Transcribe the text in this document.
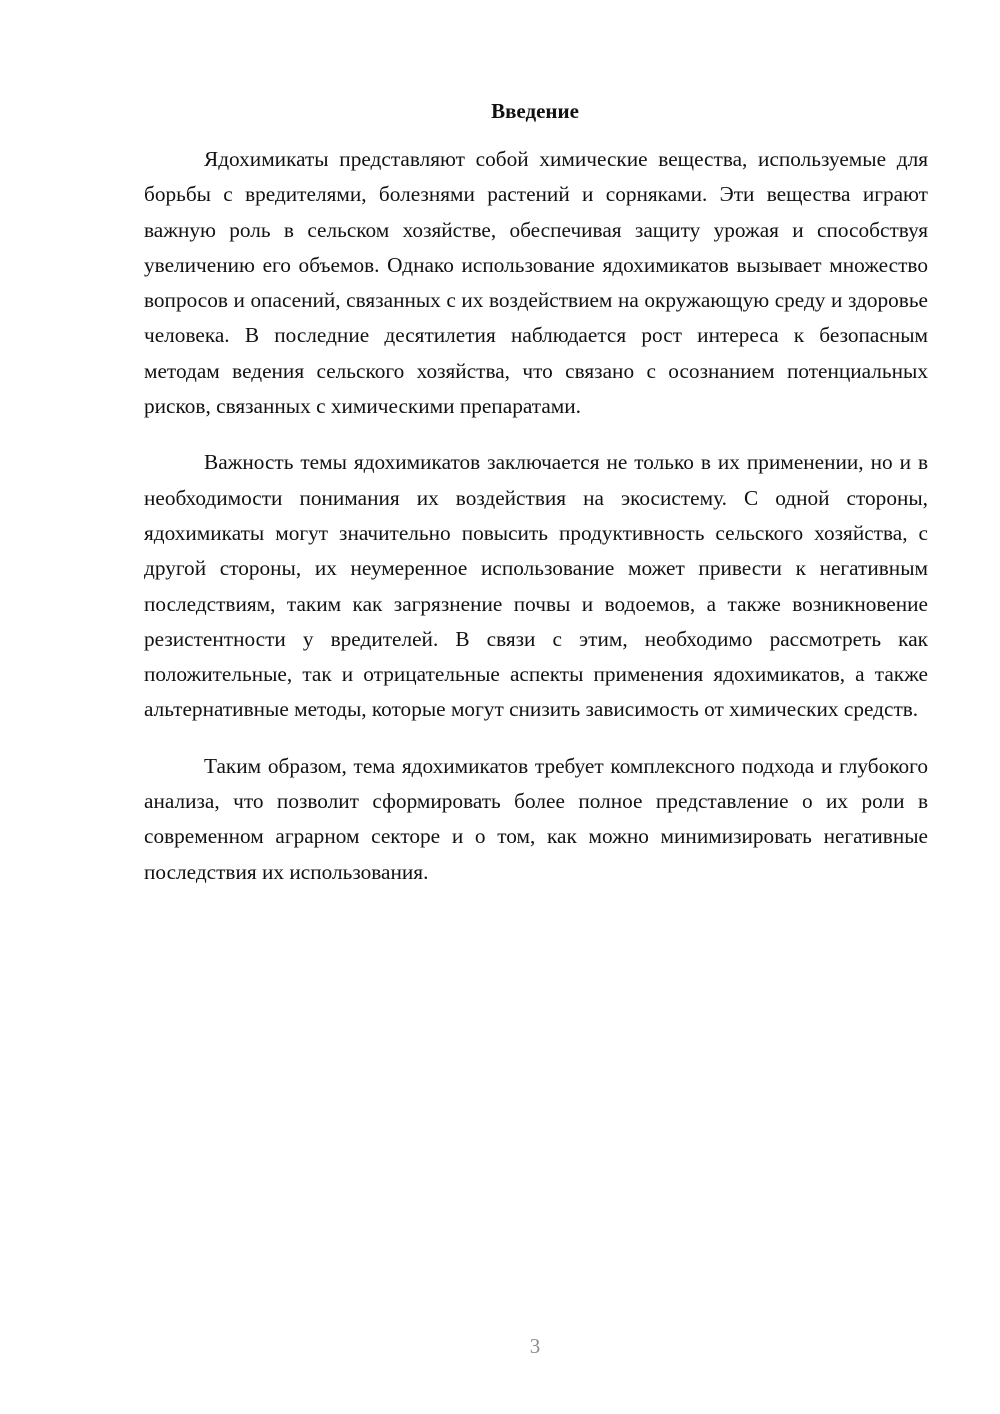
Введение

Ядохимикаты представляют собой химические вещества, используемые для борьбы с вредителями, болезнями растений и сорняками. Эти вещества играют важную роль в сельском хозяйстве, обеспечивая защиту урожая и способствуя увеличению его объемов. Однако использование ядохимикатов вызывает множество вопросов и опасений, связанных с их воздействием на окружающую среду и здоровье человека. В последние десятилетия наблюдается рост интереса к безопасным методам ведения сельского хозяйства, что связано с осознанием потенциальных рисков, связанных с химическими препаратами.

Важность темы ядохимикатов заключается не только в их применении, но и в необходимости понимания их воздействия на экосистему. С одной стороны, ядохимикаты могут значительно повысить продуктивность сельского хозяйства, с другой стороны, их неумеренное использование может привести к негативным последствиям, таким как загрязнение почвы и водоемов, а также возникновение резистентности у вредителей. В связи с этим, необходимо рассмотреть как положительные, так и отрицательные аспекты применения ядохимикатов, а также альтернативные методы, которые могут снизить зависимость от химических средств.

Таким образом, тема ядохимикатов требует комплексного подхода и глубокого анализа, что позволит сформировать более полное представление о их роли в современном аграрном секторе и о том, как можно минимизировать негативные последствия их использования.

3
